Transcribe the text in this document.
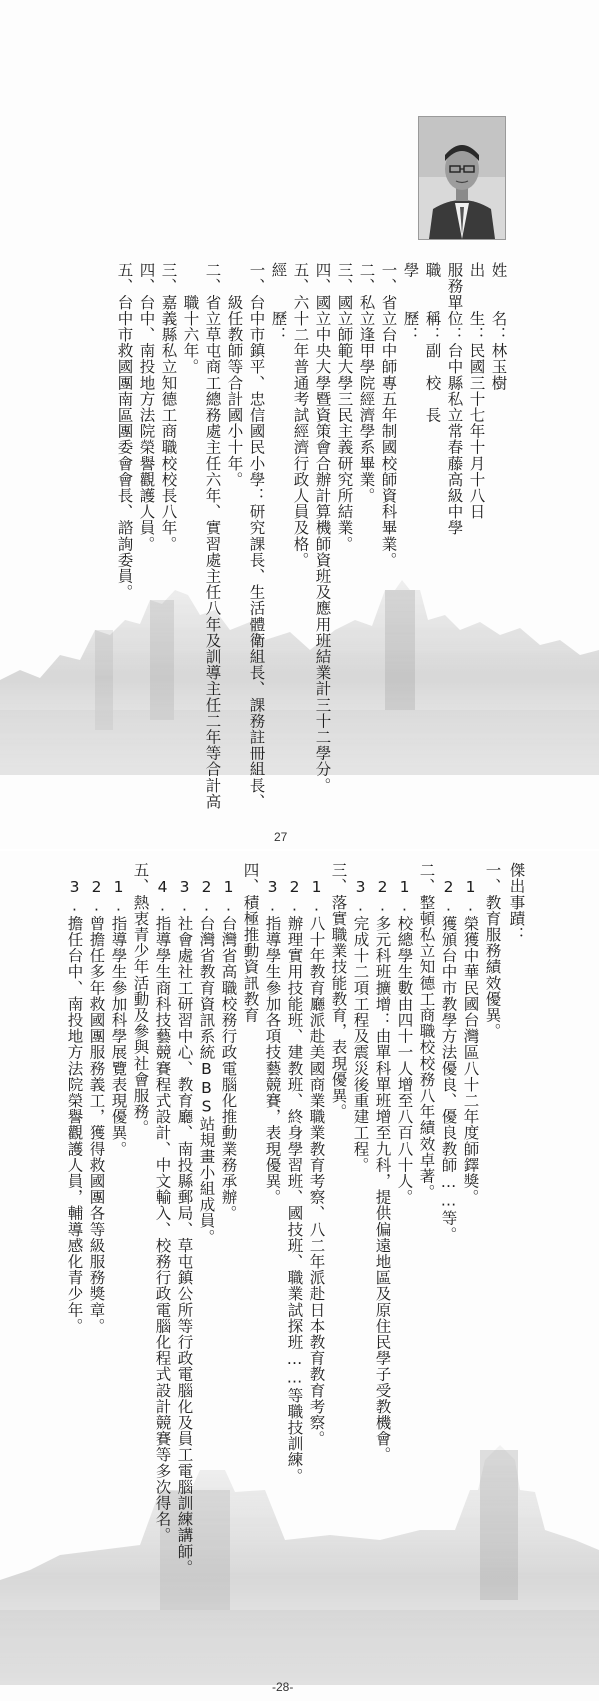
姓　　名：林玉樹
出　　生：民國三十七年十月十八日
服務單位：台中縣私立常春藤高級中學
職　　稱：副　校　長
學　　歷：
一、省立台中師專五年制國校師資科畢業。
二、私立逢甲學院經濟學系畢業。
三、國立師範大學三民主義研究所結業。
四、國立中央大學暨資策會合辦計算機師資班及應用班結業計三十二學分。
五、六十二年普通考試經濟行政人員及格。
經　　歷：
一、台中市鎮平、忠信國民小學：研究課長、生活體衛組長、課務註冊組長、
　　級任教師等合計國小十年。
二、省立草屯商工總務處主任六年、實習處主任八年及訓導主任二年等合計高
　　職十六年。
三、嘉義縣私立知德工商職校校長八年。
四、台中、南投地方法院榮譽觀護人員。
五、台中市救國團南區團委會會長、諮詢委員。
27
傑出事蹟：
一、教育服務績效優異。
　1.榮獲中華民國台灣區八十二年度師鐸獎。
　2.獲頒台中市教學方法優良、優良教師……等。
二、整頓私立知德工商職校校務八年績效卓著。
　1.校總學生數由四十一人增至八百八十人。
　2.多元科班擴增：由單科單班增至九科，提供偏遠地區及原住民學子受教機會。
　3.完成十二項工程及震災後重建工程。
三、落實職業技能教育，表現優異。
　1.八十年教育廳派赴美國商業職業教育考察、八二年派赴日本教育教育考察。
　2.辦理實用技能班、建教班、終身學習班、國技班、職業試探班……等職技訓練。
　3.指導學生參加各項技藝競賽，表現優異。
四、積極推動資訊教育
　1.台灣省高職校務行政電腦化推動業務承辦。
　2.台灣省教育資訊系統BBS站規畫小組成員。
　3.社會處社工研習中心、教育廳、南投縣郵局、草屯鎮公所等行政電腦化及員工電腦訓練講師。
　4.指導學生商科技藝競賽程式設計、中文輸入、校務行政電腦化程式設計競賽等多次得名。
五、熱衷青少年活動及參與社會服務。
　1.指導學生參加科學展覽表現優異。
　2.曾擔任多年救國團服務義工，獲得救國團各等級服務獎章。
　3.擔任台中、南投地方法院榮譽觀護人員，輔導感化青少年。
-28-
